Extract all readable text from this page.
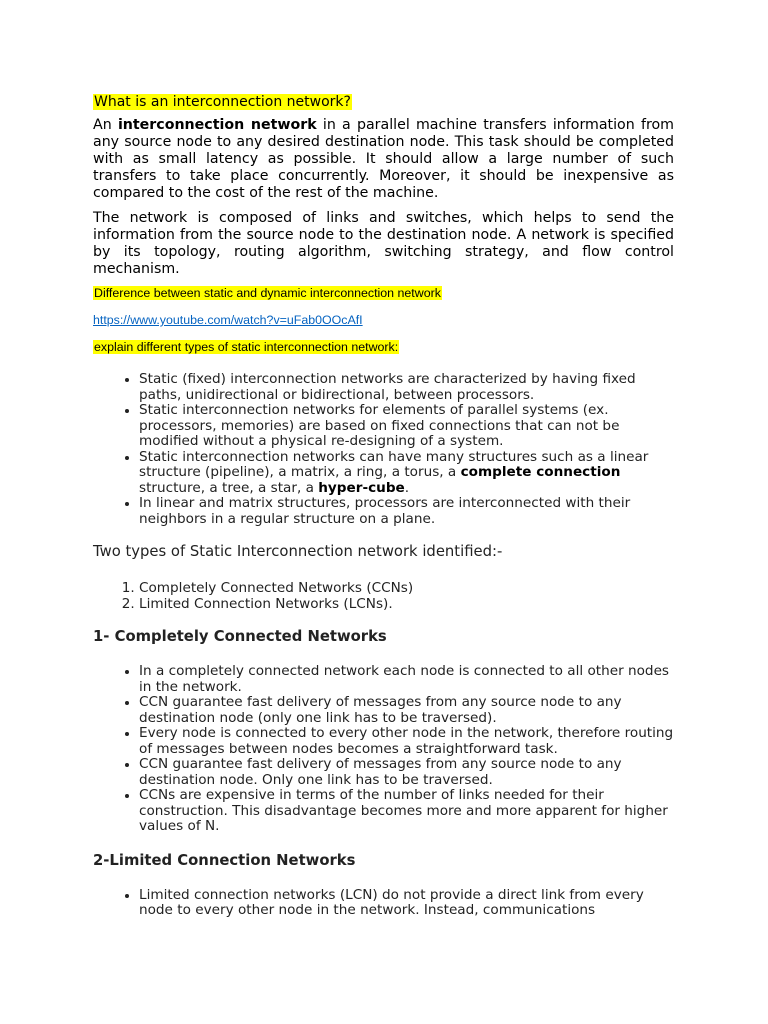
What is an interconnection network?

An interconnection network in a parallel machine transfers information from any source node to any desired destination node. This task should be completed with as small latency as possible. It should allow a large number of such transfers to take place concurrently. Moreover, it should be inexpensive as compared to the cost of the rest of the machine.

The network is composed of links and switches, which helps to send the information from the source node to the destination node. A network is specified by its topology, routing algorithm, switching strategy, and flow control mechanism.

Difference between static and dynamic interconnection network

https://www.youtube.com/watch?v=uFab0OOcAfI

explain different types of static interconnection network:

• Static (fixed) interconnection networks are characterized by having fixed paths, unidirectional or bidirectional, between processors.
• Static interconnection networks for elements of parallel systems (ex. processors, memories) are based on fixed connections that can not be modified without a physical re-designing of a system.
• Static interconnection networks can have many structures such as a linear structure (pipeline), a matrix, a ring, a torus, a complete connection structure, a tree, a star, a hyper-cube.
• In linear and matrix structures, processors are interconnected with their neighbors in a regular structure on a plane.

Two types of Static Interconnection network identified:-

1. Completely Connected Networks (CCNs)
2. Limited Connection Networks (LCNs).

1- Completely Connected Networks

• In a completely connected network each node is connected to all other nodes in the network.
• CCN guarantee fast delivery of messages from any source node to any destination node (only one link has to be traversed).
• Every node is connected to every other node in the network, therefore routing of messages between nodes becomes a straightforward task.
• CCN guarantee fast delivery of messages from any source node to any destination node. Only one link has to be traversed.
• CCNs are expensive in terms of the number of links needed for their construction. This disadvantage becomes more and more apparent for higher values of N.

2-Limited Connection Networks

• Limited connection networks (LCN) do not provide a direct link from every node to every other node in the network. Instead, communications
